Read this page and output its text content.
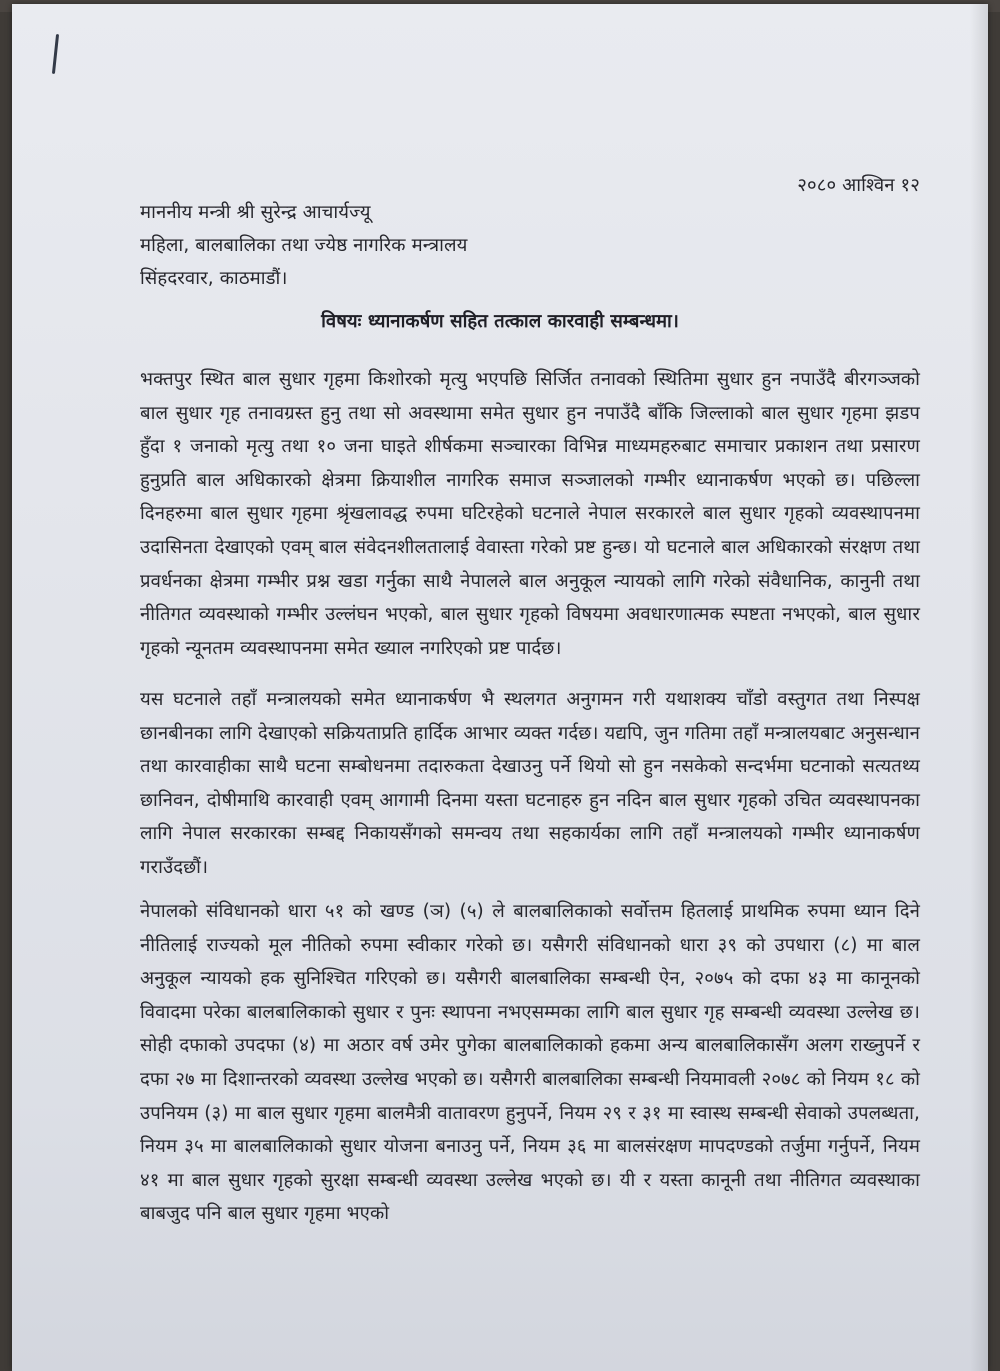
२०८० आश्विन १२
माननीय मन्त्री श्री सुरेन्द्र आचार्यज्यू
महिला, बालबालिका तथा ज्येष्ठ नागरिक मन्त्रालय
सिंहदरवार, काठमाडौं।
विषयः ध्यानाकर्षण सहित तत्काल कारवाही सम्बन्धमा।

भक्तपुर स्थित बाल सुधार गृहमा किशोरको मृत्यु भएपछि सिर्जित तनावको स्थितिमा सुधार हुन नपाउँदै बीरगञ्जको बाल सुधार गृह तनावग्रस्त हुनु तथा सो अवस्थामा समेत सुधार हुन नपाउँदै बाँकि जिल्लाको बाल सुधार गृहमा झडप हुँदा १ जनाको मृत्यु तथा १० जना घाइते शीर्षकमा सञ्चारका विभिन्न माध्यमहरुबाट समाचार प्रकाशन तथा प्रसारण हुनुप्रति बाल अधिकारको क्षेत्रमा क्रियाशील नागरिक समाज सञ्जालको गम्भीर ध्यानाकर्षण भएको छ। पछिल्ला दिनहरुमा बाल सुधार गृहमा श्रृंखलावद्ध रुपमा घटिरहेको घटनाले नेपाल सरकारले बाल सुधार गृहको व्यवस्थापनमा उदासिनता देखाएको एवम् बाल संवेदनशीलतालाई वेवास्ता गरेको प्रष्ट हुन्छ। यो घटनाले बाल अधिकारको संरक्षण तथा प्रवर्धनका क्षेत्रमा गम्भीर प्रश्न खडा गर्नुका साथै नेपालले बाल अनुकूल न्यायको लागि गरेको संवैधानिक, कानुनी तथा नीतिगत व्यवस्थाको गम्भीर उल्लंघन भएको, बाल सुधार गृहको विषयमा अवधारणात्मक स्पष्टता नभएको, बाल सुधार गृहको न्यूनतम व्यवस्थापनमा समेत ख्याल नगरिएको प्रष्ट पार्दछ।

यस घटनाले तहाँ मन्त्रालयको समेत ध्यानाकर्षण भै स्थलगत अनुगमन गरी यथाशक्य चाँडो वस्तुगत तथा निस्पक्ष छानबीनका लागि देखाएको सक्रियताप्रति हार्दिक आभार व्यक्त गर्दछ। यद्यपि, जुन गतिमा तहाँ मन्त्रालयबाट अनुसन्धान तथा कारवाहीका साथै घटना सम्बोधनमा तदारुकता देखाउनु पर्ने थियो सो हुन नसकेको सन्दर्भमा घटनाको सत्यतथ्य छानिवन, दोषीमाथि कारवाही एवम् आगामी दिनमा यस्ता घटनाहरु हुन नदिन बाल सुधार गृहको उचित व्यवस्थापनका लागि नेपाल सरकारका सम्बद्द निकायसँगको समन्वय तथा सहकार्यका लागि तहाँ मन्त्रालयको गम्भीर ध्यानाकर्षण गराउँदछौं।

नेपालको संविधानको धारा ५१ को खण्ड (ञ) (५) ले बालबालिकाको सर्वोत्तम हितलाई प्राथमिक रुपमा ध्यान दिने नीतिलाई राज्यको मूल नीतिको रुपमा स्वीकार गरेको छ। यसैगरी संविधानको धारा ३९ को उपधारा (८) मा बाल अनुकूल न्यायको हक सुनिश्चित गरिएको छ। यसैगरी बालबालिका सम्बन्धी ऐन, २०७५ को दफा ४३ मा कानूनको विवादमा परेका बालबालिकाको सुधार र पुनः स्थापना नभएसम्मका लागि बाल सुधार गृह सम्बन्धी व्यवस्था उल्लेख छ। सोही दफाको उपदफा (४) मा अठार वर्ष उमेर पुगेका बालबालिकाको हकमा अन्य बालबालिकासँग अलग राख्नुपर्ने र दफा २७ मा दिशान्तरको व्यवस्था उल्लेख भएको छ। यसैगरी बालबालिका सम्बन्धी नियमावली २०७८ को नियम १८ को उपनियम (३) मा बाल सुधार गृहमा बालमैत्री वातावरण हुनुपर्ने, नियम २९ र ३१ मा स्वास्थ सम्बन्धी सेवाको उपलब्धता, नियम ३५ मा बालबालिकाको सुधार योजना बनाउनु पर्ने, नियम ३६ मा बालसंरक्षण मापदण्डको तर्जुमा गर्नुपर्ने, नियम ४१ मा बाल सुधार गृहको सुरक्षा सम्बन्धी व्यवस्था उल्लेख भएको छ। यी र यस्ता कानूनी तथा नीतिगत व्यवस्थाका बाबजुद पनि बाल सुधार गृहमा भएको
